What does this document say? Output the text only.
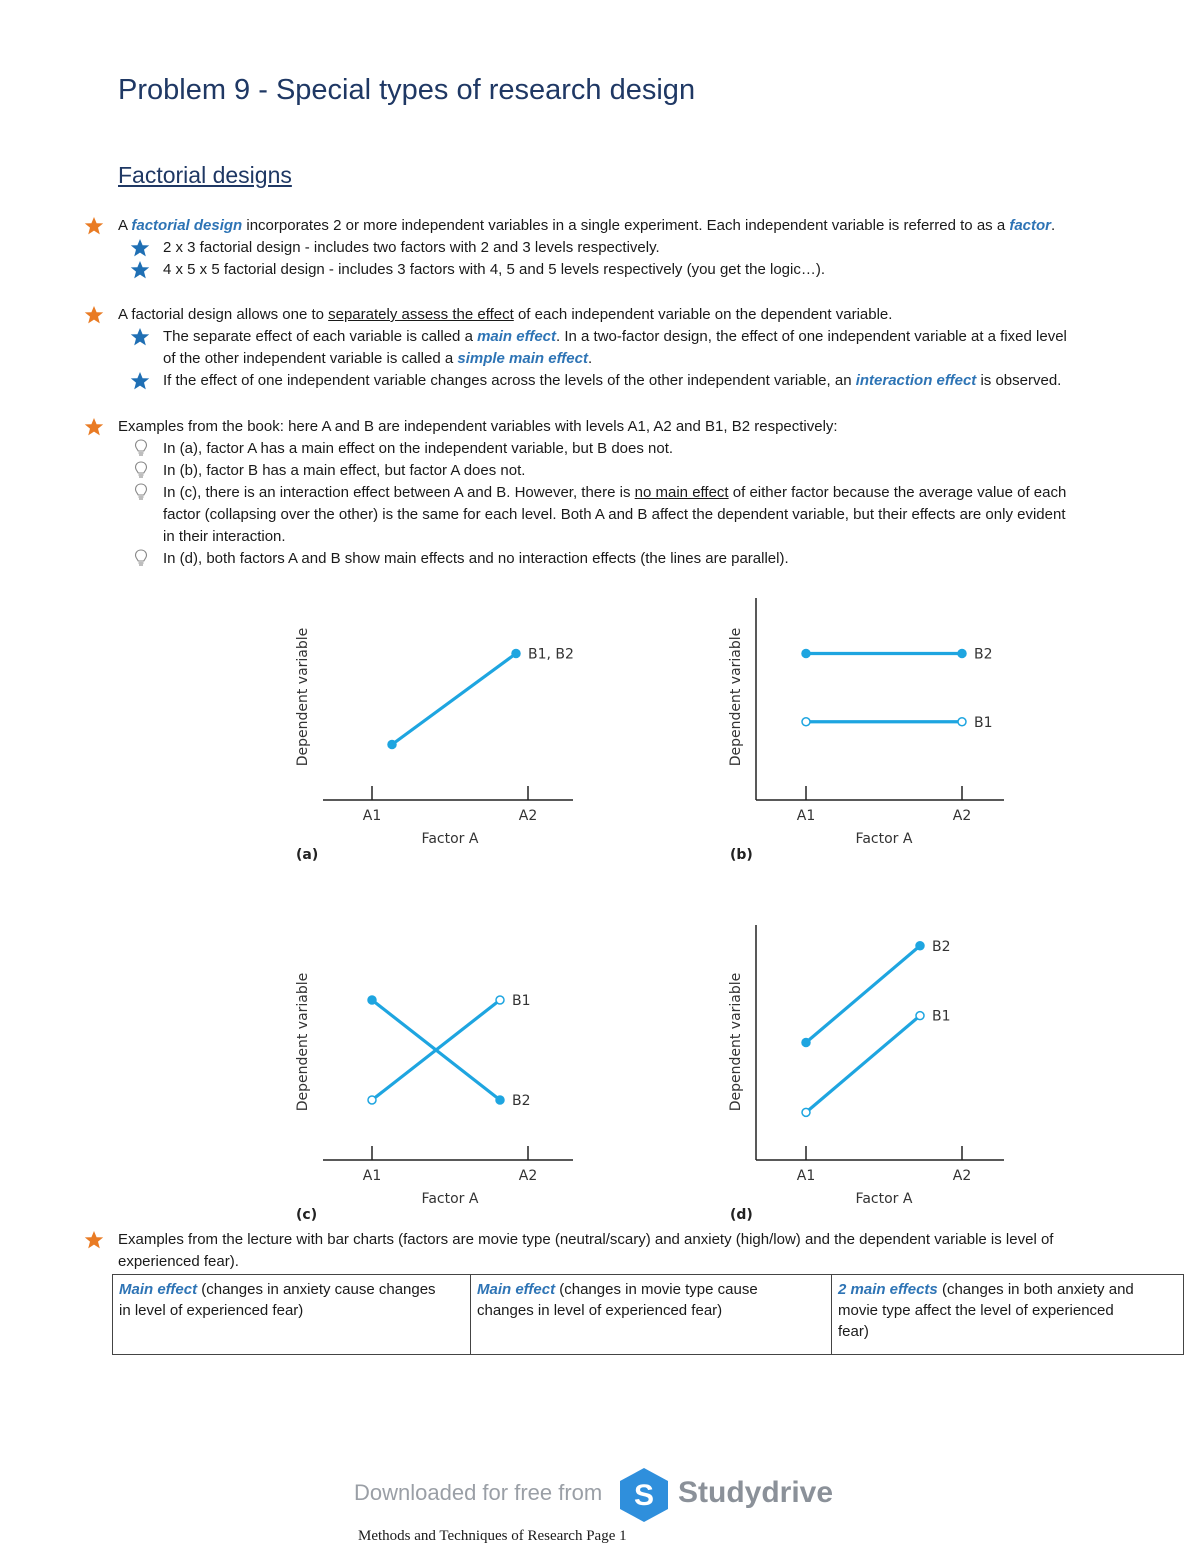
Problem 9 - Special types of research design
Factorial designs
A factorial design incorporates 2 or more independent variables in a single experiment. Each independent variable is referred to as a factor.
2 x 3 factorial design - includes two factors with 2 and 3 levels respectively.
4 x 5 x 5 factorial design - includes 3 factors with 4, 5 and 5 levels respectively (you get the logic…).
A factorial design allows one to separately assess the effect of each independent variable on the dependent variable.
The separate effect of each variable is called a main effect. In a two-factor design, the effect of one independent variable at a fixed level
of the other independent variable is called a simple main effect.
If the effect of one independent variable changes across the levels of the other independent variable, an interaction effect is observed.
Examples from the book: here A and B are independent variables with levels A1, A2 and B1, B2 respectively:
In (a), factor A has a main effect on the independent variable, but B does not.
In (b), factor B has a main effect, but factor A does not.
In (c), there is an interaction effect between A and B. However, there is no main effect of either factor because the average value of each
factor (collapsing over the other) is the same for each level. Both A and B affect the dependent variable, but their effects are only evident
in their interaction.
In (d), both factors A and B show main effects and no interaction effects (the lines are parallel).
A1	A2
Factor A
Dependent variable
(a)
B1, B2
A1	A2
Factor A
Dependent variable
(b)
B2
B1
A1	A2
Factor A
Dependent variable
(c)
B1
B2
A1	A2
Factor A
Dependent variable
(d)
B2
B1
Examples from the lecture with bar charts (factors are movie type (neutral/scary) and anxiety (high/low) and the dependent variable is level of
experienced fear).
Main effect (changes in anxiety cause changes
in level of experienced fear)	Main effect (changes in movie type cause
changes in level of experienced fear)	2 main effects (changes in both anxiety and
movie type affect the level of experienced
fear)
Downloaded for free from S Studydrive
Methods and Techniques of Research Page 1
